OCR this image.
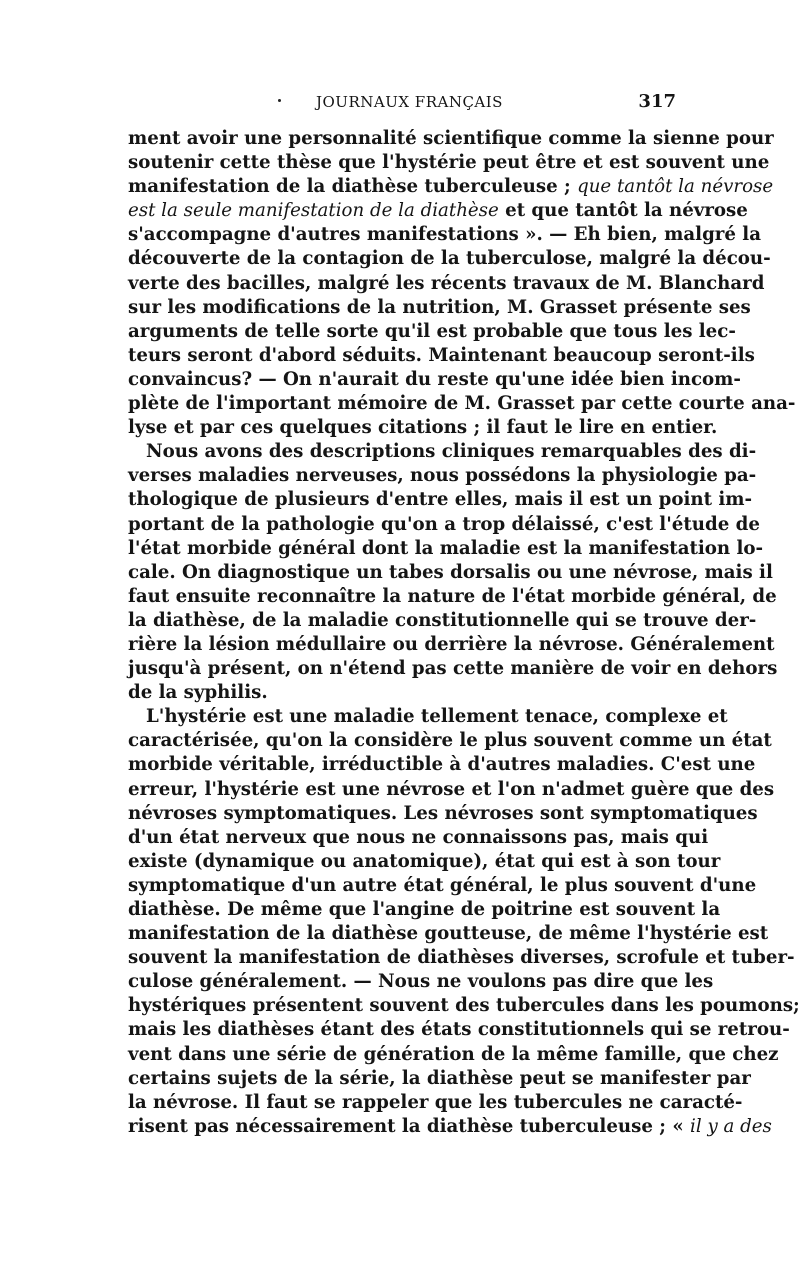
JOURNAUX FRANÇAIS	317
ment avoir une personnalité scientifique comme la sienne pour
soutenir cette thèse que l'hystérie peut être et est souvent une
manifestation de la diathèse tuberculeuse ; que tantôt la névrose
est la seule manifestation de la diathèse et que tantôt la névrose
s'accompagne d'autres manifestations ». — Eh bien, malgré la
découverte de la contagion de la tuberculose, malgré la décou-
verte des bacilles, malgré les récents travaux de M. Blanchard
sur les modifications de la nutrition, M. Grasset présente ses
arguments de telle sorte qu'il est probable que tous les lec-
teurs seront d'abord séduits. Maintenant beaucoup seront-ils
convaincus? — On n'aurait du reste qu'une idée bien incom-
plète de l'important mémoire de M. Grasset par cette courte ana-
lyse et par ces quelques citations ; il faut le lire en entier.
Nous avons des descriptions cliniques remarquables des di-
verses maladies nerveuses, nous possédons la physiologie pa-
thologique de plusieurs d'entre elles, mais il est un point im-
portant de la pathologie qu'on a trop délaissé, c'est l'étude de
l'état morbide général dont la maladie est la manifestation lo-
cale. On diagnostique un tabes dorsalis ou une névrose, mais il
faut ensuite reconnaître la nature de l'état morbide général, de
la diathèse, de la maladie constitutionnelle qui se trouve der-
rière la lésion médullaire ou derrière la névrose. Généralement
jusqu'à présent, on n'étend pas cette manière de voir en dehors
de la syphilis.
L'hystérie est une maladie tellement tenace, complexe et
caractérisée, qu'on la considère le plus souvent comme un état
morbide véritable, irréductible à d'autres maladies. C'est une
erreur, l'hystérie est une névrose et l'on n'admet guère que des
névroses symptomatiques. Les névroses sont symptomatiques
d'un état nerveux que nous ne connaissons pas, mais qui
existe (dynamique ou anatomique), état qui est à son tour
symptomatique d'un autre état général, le plus souvent d'une
diathèse. De même que l'angine de poitrine est souvent la
manifestation de la diathèse goutteuse, de même l'hystérie est
souvent la manifestation de diathèses diverses, scrofule et tuber-
culose généralement. — Nous ne voulons pas dire que les
hystériques présentent souvent des tubercules dans les poumons;
mais les diathèses étant des états constitutionnels qui se retrou-
vent dans une série de génération de la même famille, que chez
certains sujets de la série, la diathèse peut se manifester par
la névrose. Il faut se rappeler que les tubercules ne caracté-
risent pas nécessairement la diathèse tuberculeuse ; « il y a des
